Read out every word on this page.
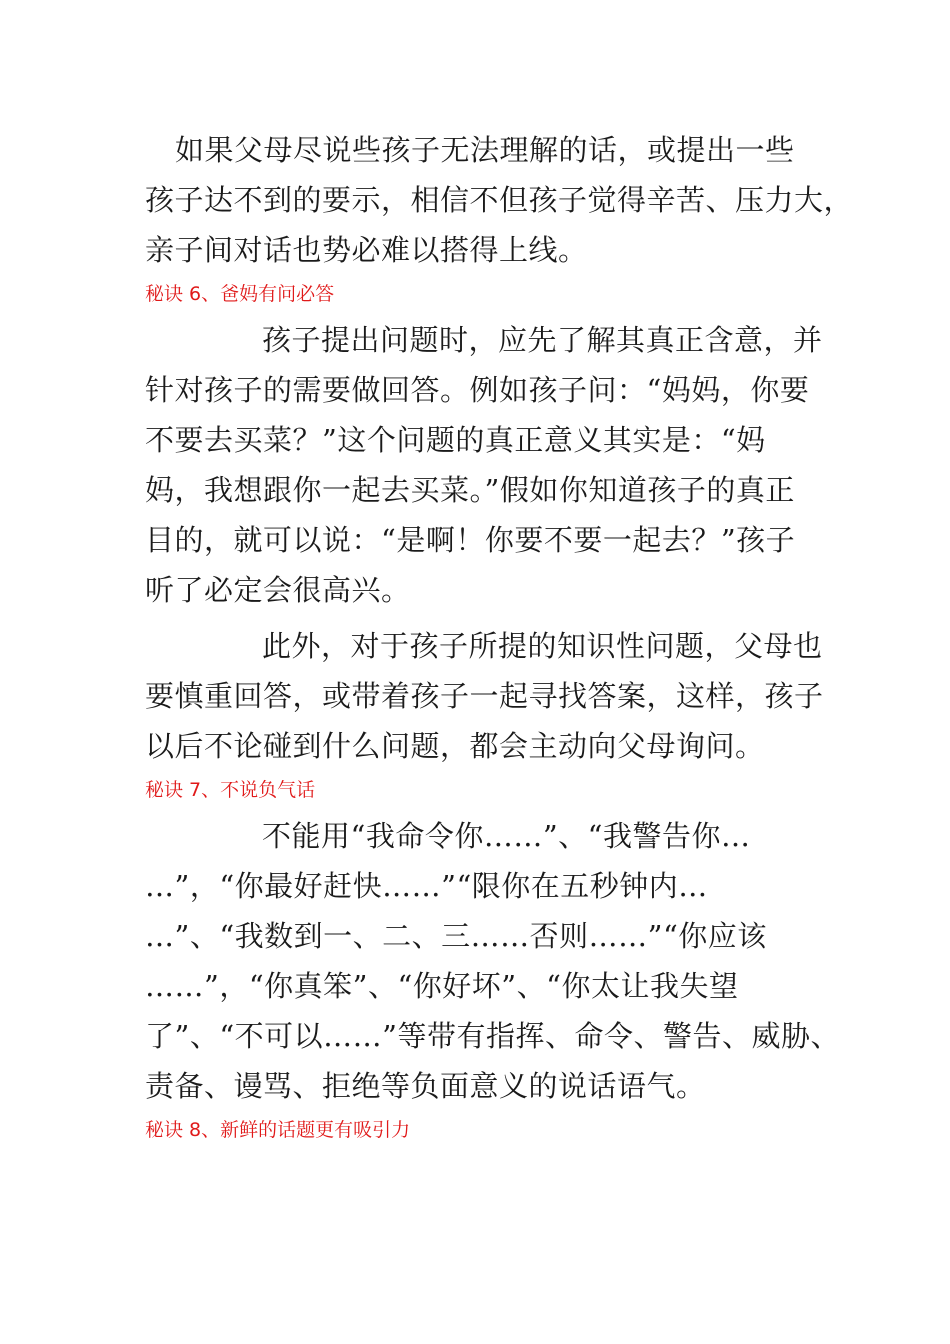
如果父母尽说些孩子无法理解的话，或提出一些
孩子达不到的要示，相信不但孩子觉得辛苦、压力大，
亲子间对话也势必难以搭得上线。
秘诀 6、爸妈有问必答
孩子提出问题时，应先了解其真正含意，并
针对孩子的需要做回答。例如孩子问：“妈妈，你要
不要去买菜？”这个问题的真正意义其实是：“妈
妈，我想跟你一起去买菜。”假如你知道孩子的真正
目的，就可以说：“是啊！你要不要一起去？”孩子
听了必定会很高兴。
此外，对于孩子所提的知识性问题，父母也
要慎重回答，或带着孩子一起寻找答案，这样，孩子
以后不论碰到什么问题，都会主动向父母询问。
秘诀 7、不说负气话
不能用“我命令你……”、“我警告你…
…”，“你最好赶快……”“限你在五秒钟内…
…”、“我数到一、二、三……否则……”“你应该
……”，“你真笨”、“你好坏”、“你太让我失望
了”、“不可以……”等带有指挥、命令、警告、威胁、
责备、谩骂、拒绝等负面意义的说话语气。
秘诀 8、新鲜的话题更有吸引力
